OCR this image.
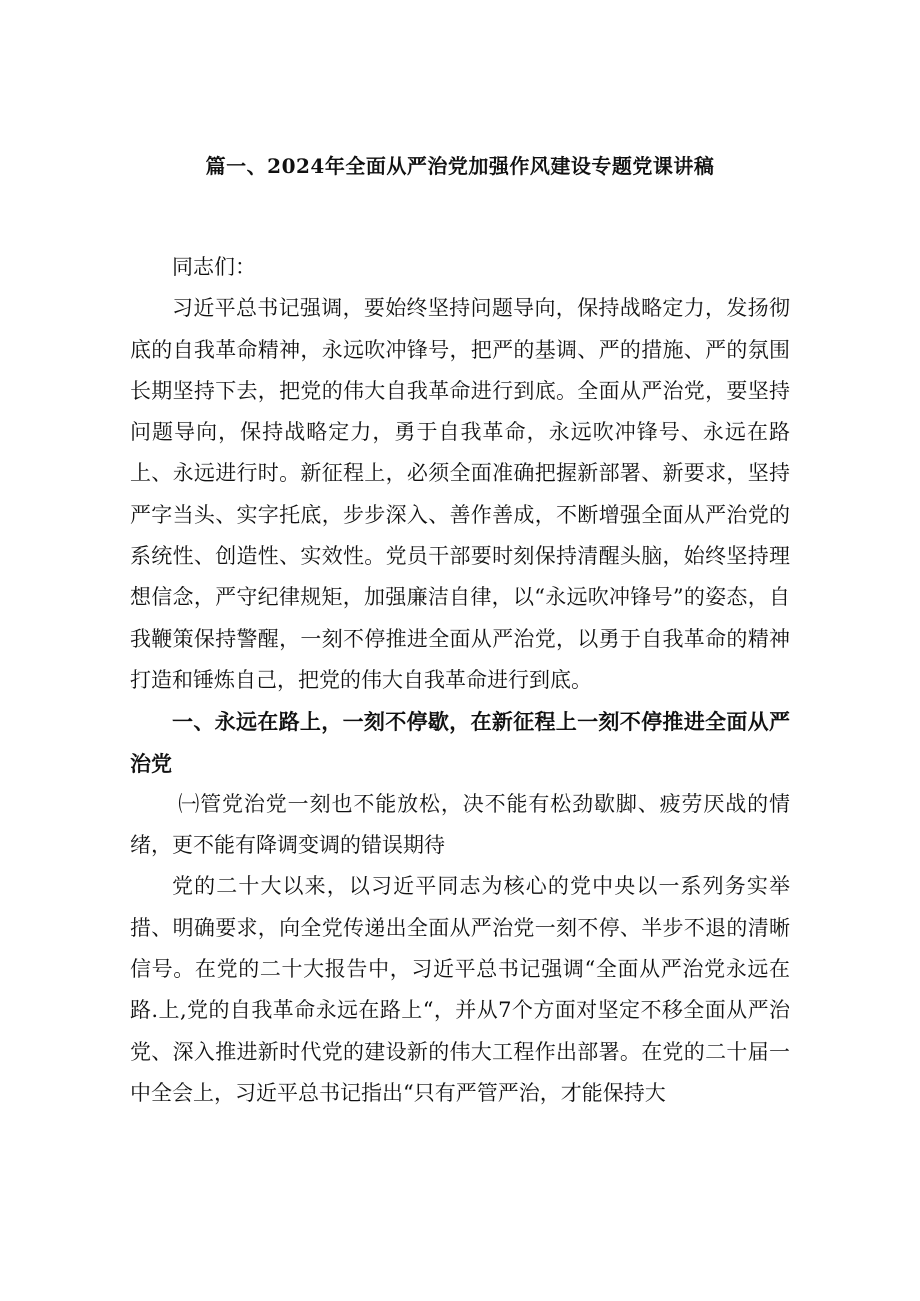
篇一、2024年全面从严治党加强作风建设专题党课讲稿

同志们：

习近平总书记强调，要始终坚持问题导向，保持战略定力，发扬彻底的自我革命精神，永远吹冲锋号，把严的基调、严的措施、严的氛围长期坚持下去，把党的伟大自我革命进行到底。全面从严治党，要坚持问题导向，保持战略定力，勇于自我革命，永远吹冲锋号、永远在路上、永远进行时。新征程上，必须全面准确把握新部署、新要求，坚持严字当头、实字托底，步步深入、善作善成，不断增强全面从严治党的系统性、创造性、实效性。党员干部要时刻保持清醒头脑，始终坚持理想信念，严守纪律规矩，加强廉洁自律，以“永远吹冲锋号”的姿态，自我鞭策保持警醒，一刻不停推进全面从严治党，以勇于自我革命的精神打造和锤炼自己，把党的伟大自我革命进行到底。

一、永远在路上，一刻不停歇，在新征程上一刻不停推进全面从严治党

㈠管党治党一刻也不能放松，决不能有松劲歇脚、疲劳厌战的情绪，更不能有降调变调的错误期待

党的二十大以来，以习近平同志为核心的党中央以一系列务实举措、明确要求，向全党传递出全面从严治党一刻不停、半步不退的清晰信号。在党的二十大报告中，习近平总书记强调“全面从严治党永远在路.上,党的自我革命永远在路上“，并从7个方面对坚定不移全面从严治党、深入推进新时代党的建设新的伟大工程作出部署。在党的二十届一中全会上，习近平总书记指出“只有严管严治，才能保持大
